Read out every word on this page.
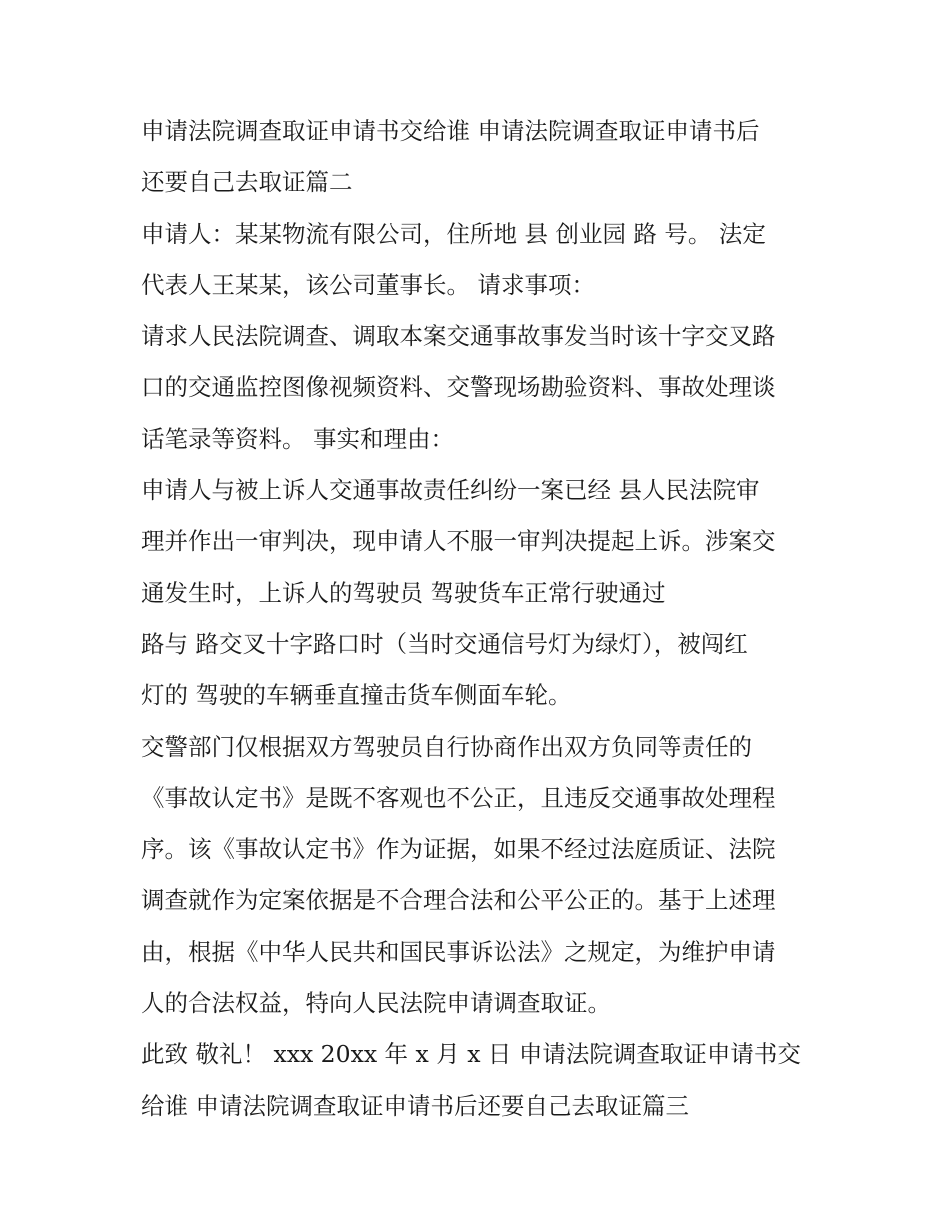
申请法院调查取证申请书交给谁 申请法院调查取证申请书后
还要自己去取证篇二
申请人：某某物流有限公司，住所地 县 创业园 路 号。 法定
代表人王某某，该公司董事长。 请求事项：
请求人民法院调查、调取本案交通事故事发当时该十字交叉路
口的交通监控图像视频资料、交警现场勘验资料、事故处理谈
话笔录等资料。 事实和理由：
申请人与被上诉人交通事故责任纠纷一案已经 县人民法院审
理并作出一审判决，现申请人不服一审判决提起上诉。涉案交
通发生时，上诉人的驾驶员 驾驶货车正常行驶通过
路与 路交叉十字路口时（当时交通信号灯为绿灯），被闯红
灯的 驾驶的车辆垂直撞击货车侧面车轮。
交警部门仅根据双方驾驶员自行协商作出双方负同等责任的
《事故认定书》是既不客观也不公正，且违反交通事故处理程
序。该《事故认定书》作为证据，如果不经过法庭质证、法院
调查就作为定案依据是不合理合法和公平公正的。基于上述理
由，根据《中华人民共和国民事诉讼法》之规定，为维护申请
人的合法权益，特向人民法院申请调查取证。
此致 敬礼！ xxx 20xx 年 x 月 x 日 申请法院调查取证申请书交
给谁 申请法院调查取证申请书后还要自己去取证篇三
